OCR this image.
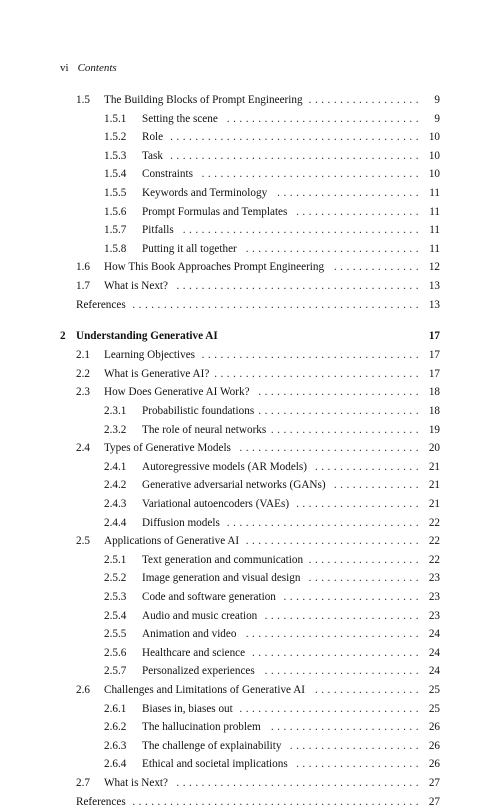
vi Contents
1.5 The Building Blocks of Prompt Engineering .................. 9
1.5.1 Setting the scene ............................... 9
1.5.2 Role ........................................ 10
1.5.3 Task ........................................ 10
1.5.4 Constraints ................................... 10
1.5.5 Keywords and Terminology ....................... 11
1.5.6 Prompt Formulas and Templates .................... 11
1.5.7 Pitfalls ...................................... 11
1.5.8 Putting it all together ............................ 11
1.6 How This Book Approaches Prompt Engineering .............. 12
1.7 What is Next? ....................................... 13
References .............................................. 13
2 Understanding Generative AI	17
2.1 Learning Objectives ................................... 17
2.2 What is Generative AI? ................................. 17
2.3 How Does Generative AI Work? .......................... 18
2.3.1 Probabilistic foundations .......................... 18
2.3.2 The role of neural networks ........................ 19
2.4 Types of Generative Models ............................. 20
2.4.1 Autoregressive models (AR Models) ................. 21
2.4.2 Generative adversarial networks (GANs) .............. 21
2.4.3 Variational autoencoders (VAEs) .................... 21
2.4.4 Diffusion models ............................... 22
2.5 Applications of Generative AI ............................ 22
2.5.1 Text generation and communication .................. 22
2.5.2 Image generation and visual design .................. 23
2.5.3 Code and software generation ...................... 23
2.5.4 Audio and music creation ......................... 23
2.5.5 Animation and video ............................ 24
2.5.6 Healthcare and science ........................... 24
2.5.7 Personalized experiences ......................... 24
2.6 Challenges and Limitations of Generative AI ................. 25
2.6.1 Biases in, biases out ............................. 25
2.6.2 The hallucination problem ........................ 26
2.6.3 The challenge of explainability ..................... 26
2.6.4 Ethical and societal implications .................... 26
2.7 What is Next? ....................................... 27
References .............................................. 27
